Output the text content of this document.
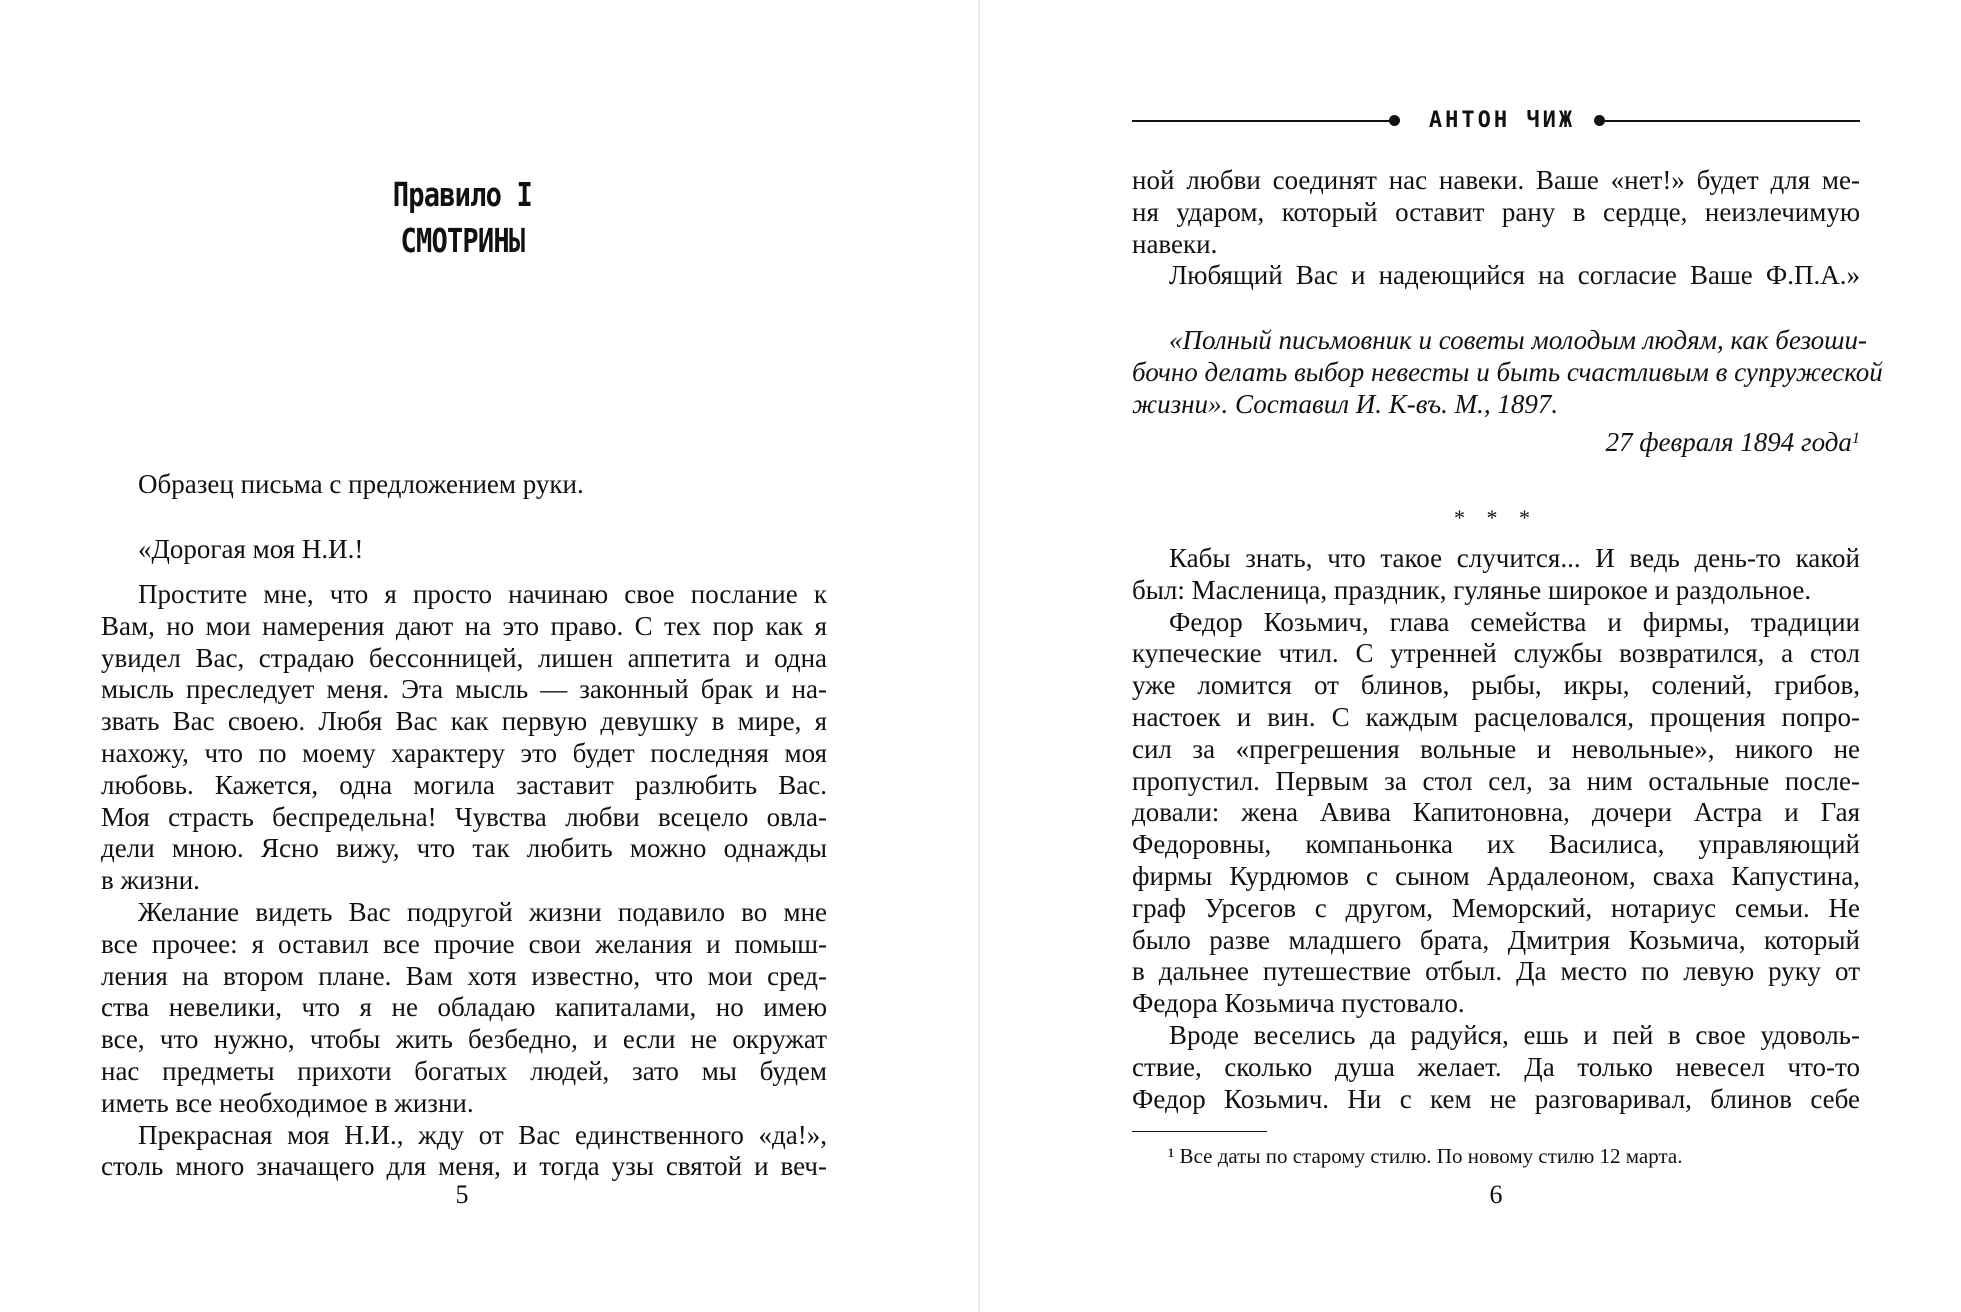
Правило I
СМОТРИНЫ
Образец письма с предложением руки.
«Дорогая моя Н.И.!
Простите мне, что я просто начинаю свое послание к
Вам, но мои намерения дают на это право. С тех пор как я
увидел Вас, страдаю бессонницей, лишен аппетита и одна
мысль преследует меня. Эта мысль — законный брак и на-
звать Вас своею. Любя Вас как первую девушку в мире, я
нахожу, что по моему характеру это будет последняя моя
любовь. Кажется, одна могила заставит разлюбить Вас.
Моя страсть беспредельна! Чувства любви всецело овла-
дели мною. Ясно вижу, что так любить можно однажды
в жизни.
Желание видеть Вас подругой жизни подавило во мне
все прочее: я оставил все прочие свои желания и помыш-
ления на втором плане. Вам хотя известно, что мои сред-
ства невелики, что я не обладаю капиталами, но имею
все, что нужно, чтобы жить безбедно, и если не окружат
нас предметы прихоти богатых людей, зато мы будем
иметь все необходимое в жизни.
Прекрасная моя Н.И., жду от Вас единственного «да!»,
столь много значащего для меня, и тогда узы святой и веч-
5
АНТОН ЧИЖ
ной любви соединят нас навеки. Ваше «нет!» будет для ме-
ня ударом, который оставит рану в сердце, неизлечимую
навеки.
Любящий Вас и надеющийся на согласие Ваше Ф.П.А.»
«Полный письмовник и советы молодым людям, как безоши-
бочно делать выбор невесты и быть счастливым в супружеской
жизни». Составил И. К-въ. М., 1897.
27 февраля 1894 года$^1$
* * *
Кабы знать, что такое случится... И ведь день-то какой
был: Масленица, праздник, гулянье широкое и раздольное.
Федор Козьмич, глава семейства и фирмы, традиции
купеческие чтил. С утренней службы возвратился, а стол
уже ломится от блинов, рыбы, икры, солений, грибов,
настоек и вин. С каждым расцеловался, прощения попро-
сил за «прегрешения вольные и невольные», никого не
пропустил. Первым за стол сел, за ним остальные после-
довали: жена Авива Капитоновна, дочери Астра и Гая
Федоровны, компаньонка их Василиса, управляющий
фирмы Курдюмов с сыном Ардалеоном, сваха Капустина,
граф Урсегов с другом, Меморский, нотариус семьи. Не
было разве младшего брата, Дмитрия Козьмича, который
в дальнее путешествие отбыл. Да место по левую руку от
Федора Козьмича пустовало.
Вроде веселись да радуйся, ешь и пей в свое удоволь-
ствие, сколько душа желает. Да только невесел что-то
Федор Козьмич. Ни с кем не разговаривал, блинов себе
¹ Все даты по старому стилю. По новому стилю 12 марта.
6
